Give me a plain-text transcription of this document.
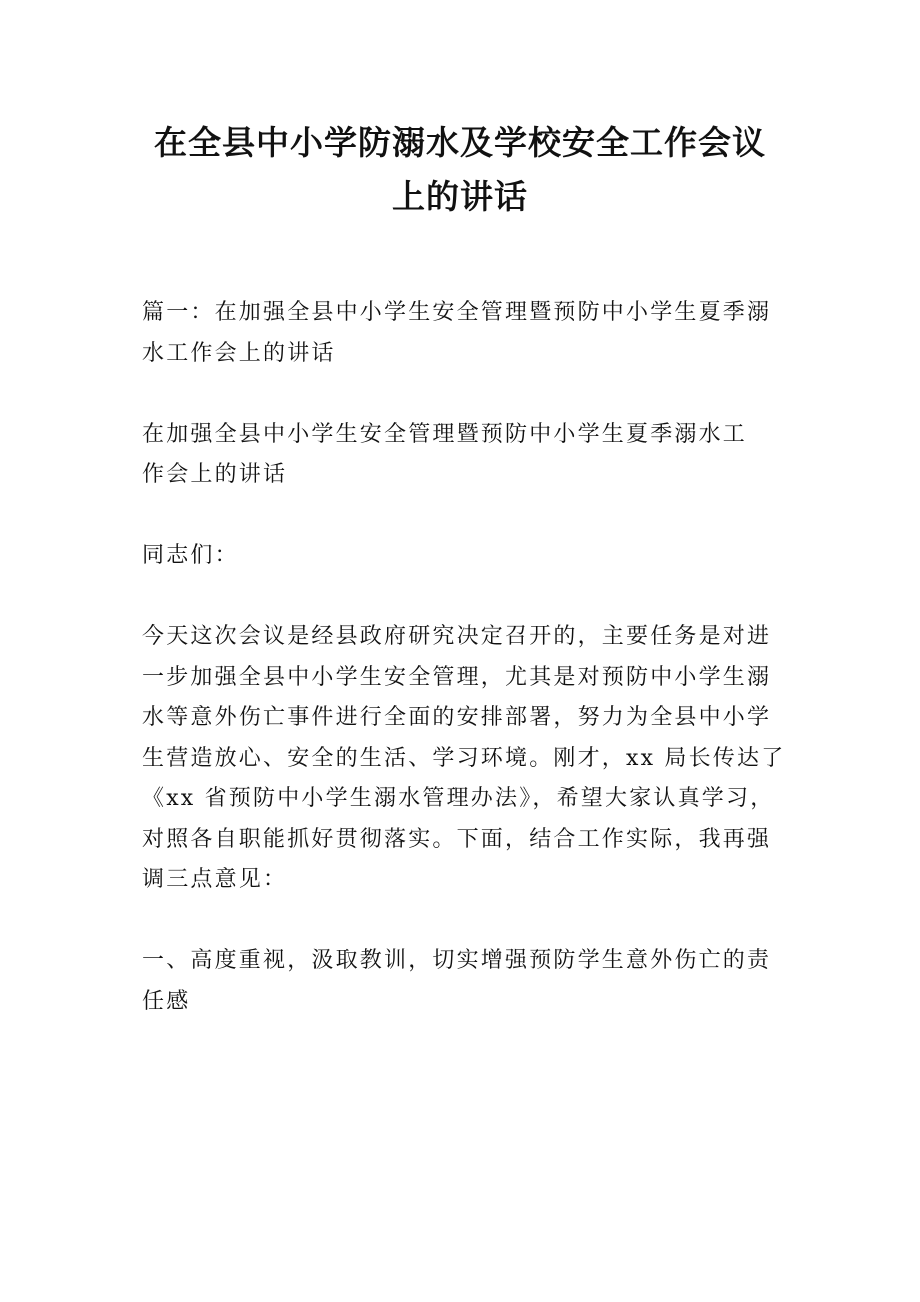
在全县中小学防溺水及学校安全工作会议
上的讲话

篇一：在加强全县中小学生安全管理暨预防中小学生夏季溺
水工作会上的讲话

在加强全县中小学生安全管理暨预防中小学生夏季溺水工
作会上的讲话

同志们：

今天这次会议是经县政府研究决定召开的，主要任务是对进
一步加强全县中小学生安全管理，尤其是对预防中小学生溺
水等意外伤亡事件进行全面的安排部署，努力为全县中小学
生营造放心、安全的生活、学习环境。刚才，xx 局长传达了
《xx 省预防中小学生溺水管理办法》，希望大家认真学习，
对照各自职能抓好贯彻落实。下面，结合工作实际，我再强
调三点意见：

一、高度重视，汲取教训，切实增强预防学生意外伤亡的责
任感
